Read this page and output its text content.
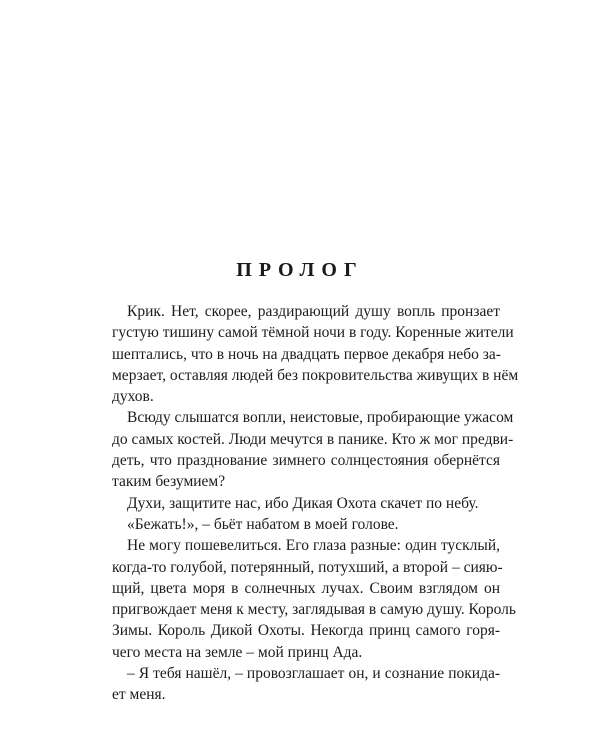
ПРОЛОГ
Крик. Нет, скорее, раздирающий душу вопль пронзает
густую тишину самой тёмной ночи в году. Коренные жители
шептались, что в ночь на двадцать первое декабря небо за-
мерзает, оставляя людей без покровительства живущих в нём
духов.
Всюду слышатся вопли, неистовые, пробирающие ужасом
до самых костей. Люди мечутся в панике. Кто ж мог предви-
деть, что празднование зимнего солнцестояния обернётся
таким безумием?
Духи, защитите нас, ибо Дикая Охота скачет по небу.
«Бежать!», – бьёт набатом в моей голове.
Не могу пошевелиться. Его глаза разные: один тусклый,
когда-то голубой, потерянный, потухший, а второй – сияю-
щий, цвета моря в солнечных лучах. Своим взглядом он
пригвождает меня к месту, заглядывая в самую душу. Король
Зимы. Король Дикой Охоты. Некогда принц самого горя-
чего места на земле – мой принц Ада.
– Я тебя нашёл, – провозглашает он, и сознание покида-
ет меня.
